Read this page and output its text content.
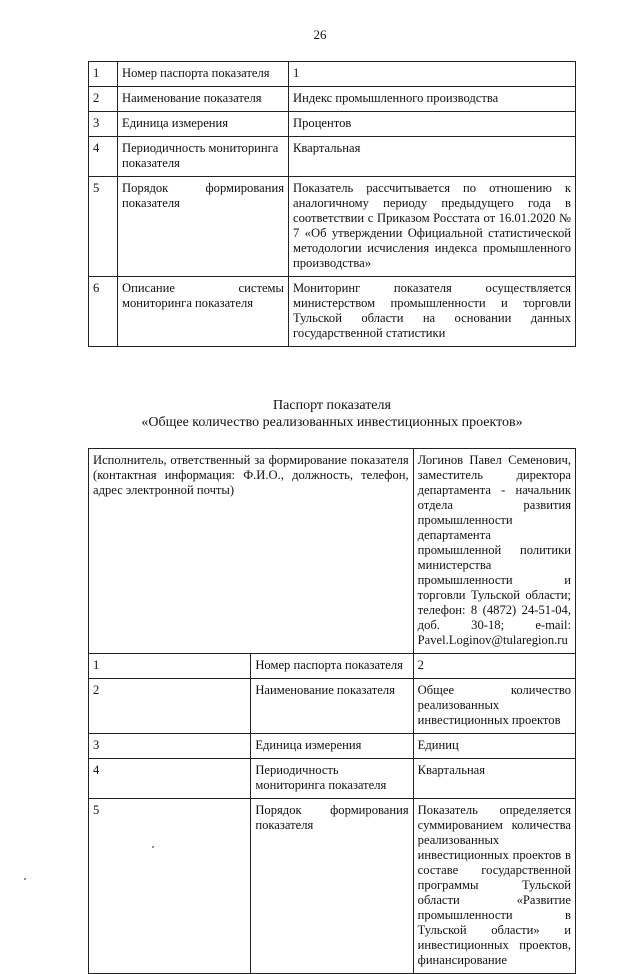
26
1	Номер паспорта показателя	1
2	Наименование показателя	Индекс промышленного производства
3	Единица измерения	Процентов
4	Периодичность мониторинга показателя	Квартальная
5	Порядок формирования показателя	Показатель рассчитывается по отношению к аналогичному периоду предыдущего года в соответствии с Приказом Росстата от 16.01.2020 № 7 «Об утверждении Официальной статистической методологии исчисления индекса промышленного производства»
6	Описание системы мониторинга показателя	Мониторинг показателя осуществляется министерством промышленности и торговли Тульской области на основании данных государственной статистики
Паспорт показателя
«Общее количество реализованных инвестиционных проектов»
Исполнитель, ответственный за формирование показателя (контактная информация: Ф.И.О., должность, телефон, адрес электронной почты)		Логинов Павел Семенович, заместитель директора департамента - начальник отдела развития промышленности департамента промышленной политики министерства промышленности и торговли Тульской области; телефон: 8 (4872) 24-51-04, доб. 30-18; e-mail: Pavel.Loginov@tularegion.ru
1	Номер паспорта показателя	2
2	Наименование показателя	Общее количество реализованных инвестиционных проектов
3	Единица измерения	Единиц
4	Периодичность мониторинга показателя	Квартальная
5	Порядок формирования показателя	Показатель определяется суммированием количества реализованных инвестиционных проектов в составе государственной программы Тульской области «Развитие промышленности в Тульской области» и инвестиционных проектов, финансирование
